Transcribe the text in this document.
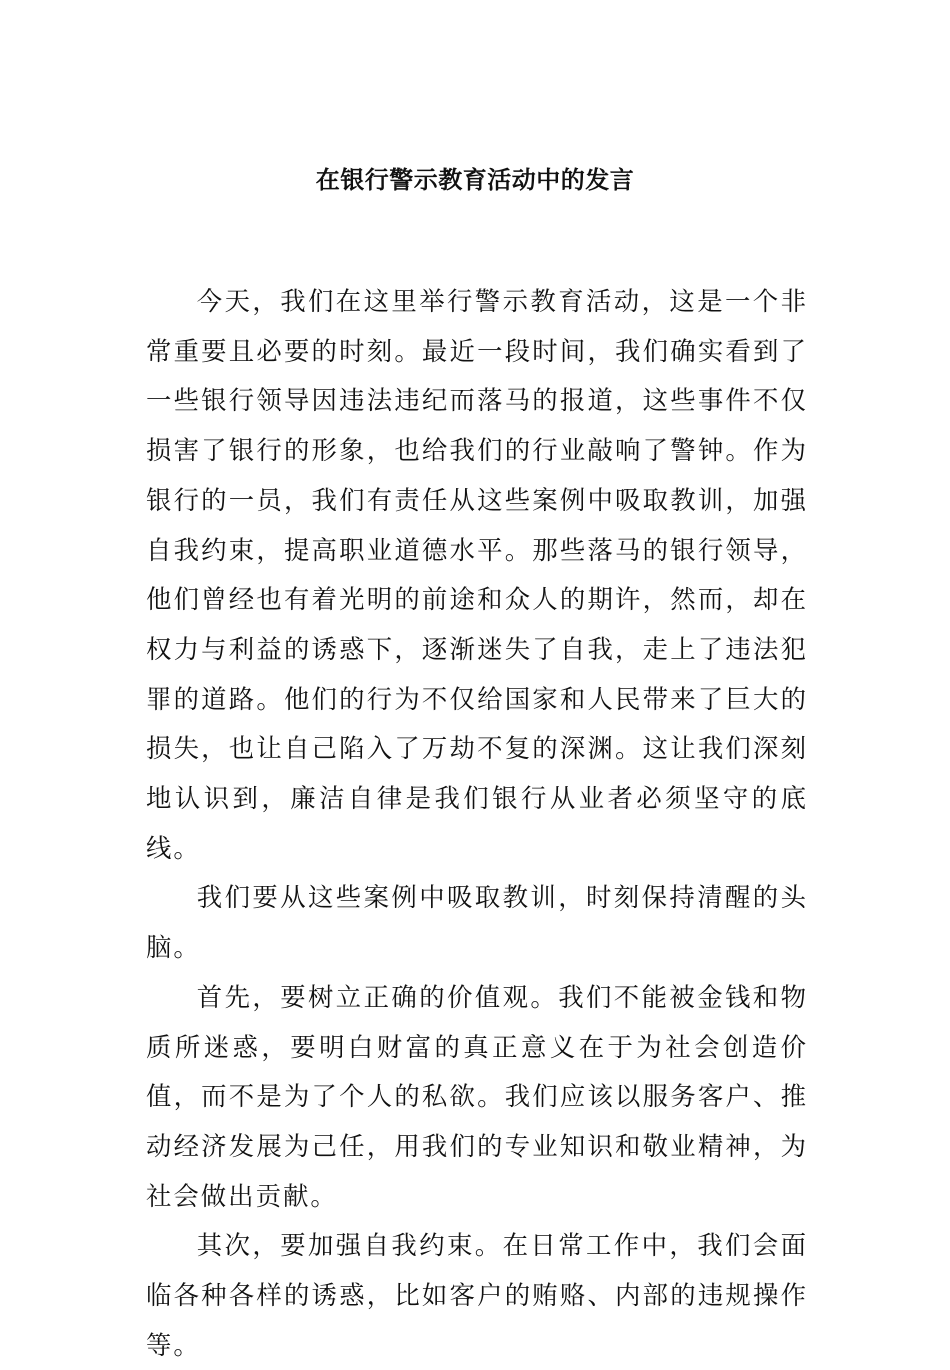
在银行警示教育活动中的发言

今天，我们在这里举行警示教育活动，这是一个非常重要且必要的时刻。最近一段时间，我们确实看到了一些银行领导因违法违纪而落马的报道，这些事件不仅损害了银行的形象，也给我们的行业敲响了警钟。作为银行的一员，我们有责任从这些案例中吸取教训，加强自我约束，提高职业道德水平。那些落马的银行领导，他们曾经也有着光明的前途和众人的期许，然而，却在权力与利益的诱惑下，逐渐迷失了自我，走上了违法犯罪的道路。他们的行为不仅给国家和人民带来了巨大的损失，也让自己陷入了万劫不复的深渊。这让我们深刻地认识到，廉洁自律是我们银行从业者必须坚守的底线。

我们要从这些案例中吸取教训，时刻保持清醒的头脑。

首先，要树立正确的价值观。我们不能被金钱和物质所迷惑，要明白财富的真正意义在于为社会创造价值，而不是为了个人的私欲。我们应该以服务客户、推动经济发展为己任，用我们的专业知识和敬业精神，为社会做出贡献。

其次，要加强自我约束。在日常工作中，我们会面临各种各样的诱惑，比如客户的贿赂、内部的违规操作等。
